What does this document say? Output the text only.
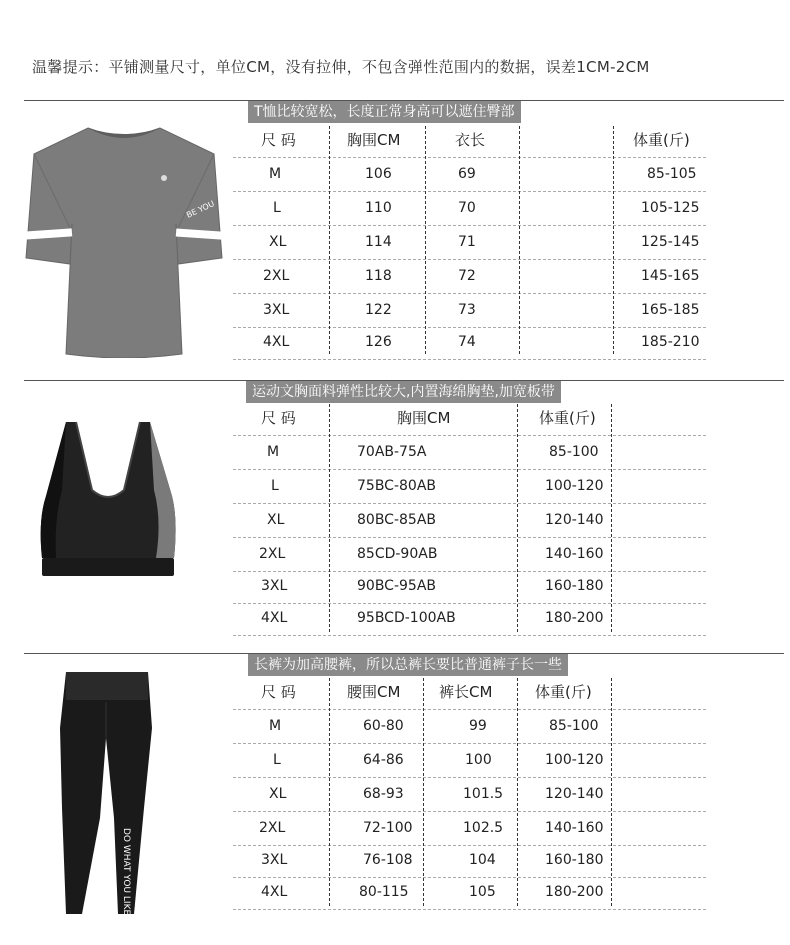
温馨提示：平铺测量尺寸，单位CM，没有拉伸，不包含弹性范围内的数据，误差1CM-2CM
T恤比较宽松，长度正常身高可以遮住臀部
BE YOU
尺 码	胸围CM	衣长	体重(斤)
M	106	69	85-105
L	110	70	105-125
XL	114	71	125-145
2XL	118	72	145-165
3XL	122	73	165-185
4XL	126	74	185-210
运动文胸面料弹性比较大,内置海绵胸垫,加宽板带
尺 码	胸围CM	体重(斤)
M	70AB-75A	85-100
L	75BC-80AB	100-120
XL	80BC-85AB	120-140
2XL	85CD-90AB	140-160
3XL	90BC-95AB	160-180
4XL	95BCD-100AB	180-200
长裤为加高腰裤，所以总裤长要比普通裤子长一些
DO WHAT YOU LIKE
尺 码	腰围CM	裤长CM	体重(斤)
M	60-80	99	85-100
L	64-86	100	100-120
XL	68-93	101.5	120-140
2XL	72-100	102.5	140-160
3XL	76-108	104	160-180
4XL	80-115	105	180-200
